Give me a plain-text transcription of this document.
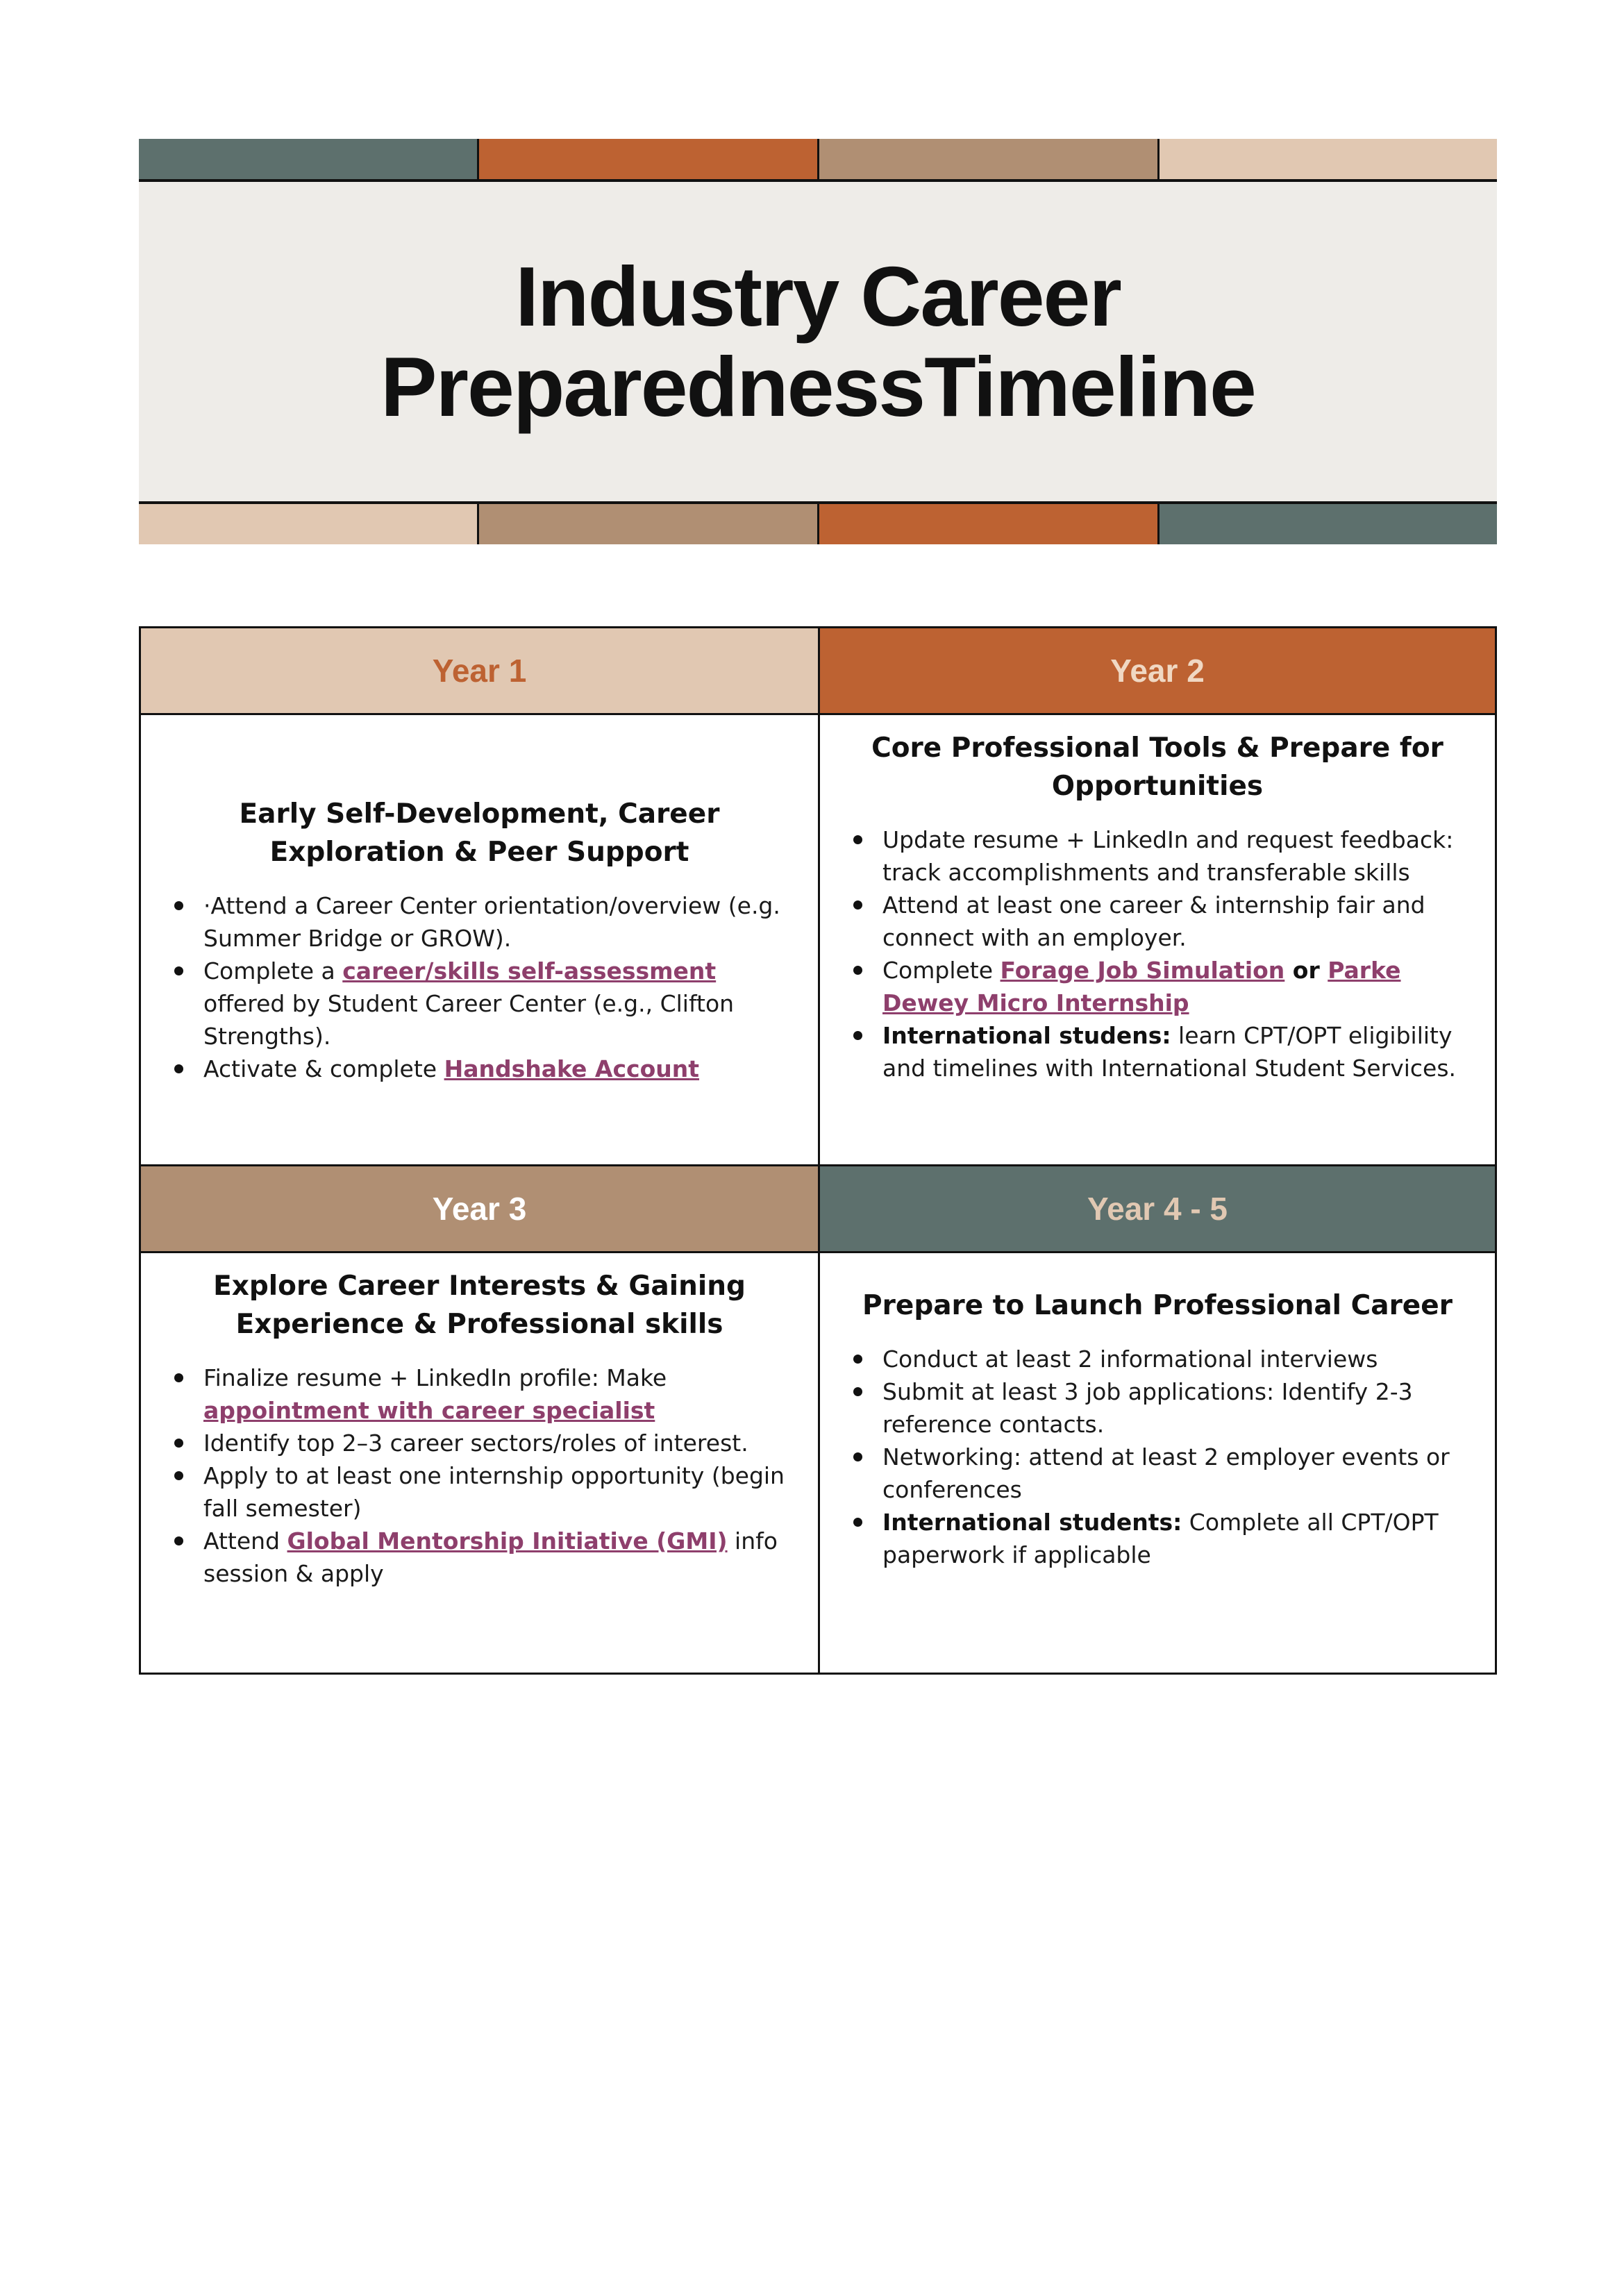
Industry Career
PreparednessTimeline
Year 1	Year 2
Year 3	Year 4 - 5
Early Self-Development, Career Exploration & Peer Support
·Attend a Career Center orientation/overview (e.g. Summer Bridge or GROW).
Complete a career/skills self-assessment offered by Student Career Center (e.g., Clifton Strengths).
Activate & complete Handshake Account
Core Professional Tools & Prepare for Opportunities
Update resume + LinkedIn and request feedback: track accomplishments and transferable skills
Attend at least one career & internship fair and connect with an employer.
Complete Forage Job Simulation or Parke Dewey Micro Internship
International studens: learn CPT/OPT eligibility and timelines with International Student Services.
Explore Career Interests & Gaining Experience & Professional skills
Finalize resume + LinkedIn profile: Make appointment with career specialist
Identify top 2–3 career sectors/roles of interest.
Apply to at least one internship opportunity (begin fall semester)
Attend Global Mentorship Initiative (GMI) info session & apply
Prepare to Launch Professional Career
Conduct at least 2 informational interviews
Submit at least 3 job applications: Identify 2-3 reference contacts.
Networking: attend at least 2 employer events or conferences
International students: Complete all CPT/OPT paperwork if applicable
